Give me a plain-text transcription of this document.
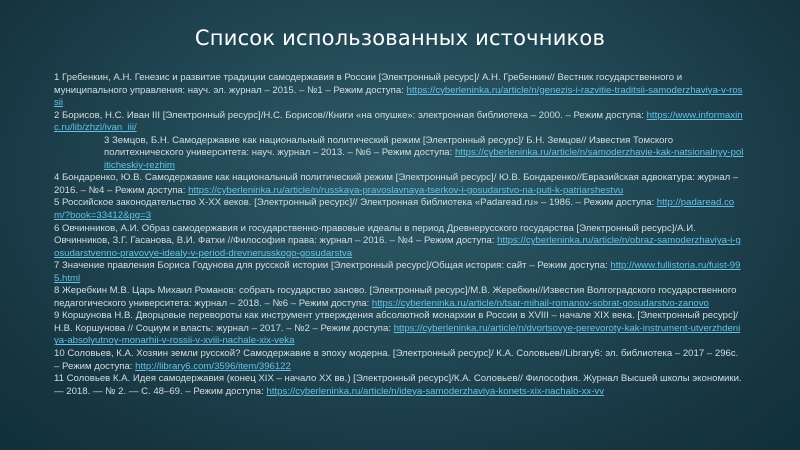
Список использованных источников

1 Гребенкин, А.Н. Генезис и развитие традиции самодержавия в России [Электронный ресурс]/ А.Н. Гребенкин// Вестник государственного и муниципального управления: науч. эл. журнал – 2015. – №1 – Режим доступа: https://cyberleninka.ru/article/n/genezis-i-razvitie-traditsii-samoderzhaviya-v-rossii

2 Борисов, Н.С. Иван III [Электронный ресурс]/Н.С. Борисов//Книги «на опушке»: электронная библиотека – 2000. – Режим доступа: https://www.informaxinc.ru/lib/zhzl/ivan_iii/

3 Земцов, Б.Н. Самодержавие как национальный политический режим [Электронный ресурс]/ Б.Н. Земцов// Известия Томского политехнического университета: науч. журнал – 2013. – №6 – Режим доступа: https://cyberleninka.ru/article/n/samoderzhavie-kak-natsionalnyy-politicheskiy-rezhim

4 Бондаренко, Ю.В. Самодержавие как национальный политический режим [Электронный ресурс]/ Ю.В. Бондаренко//Евразийская адвокатура: журнал – 2016. – №4 – Режим доступа: https://cyberleninka.ru/article/n/russkaya-pravoslavnaya-tserkov-i-gosudarstvo-na-puti-k-patriarshestvu

5 Российское законодательство X-XX веков. [Электронный ресурс]// Электронная библиотека «Padaread.ru» – 1986. – Режим доступа: http://padaread.com/?book=33412&pg=3

6 Овчинников, А.И. Образ самодержавия и государственно-правовые идеалы в период Древнерусского государства [Электронный ресурс]/А.И. Овчинников, З.Г. Гасанова, В.И. Фатхи //Философия права: журнал – 2016. – №4 – Режим доступа: https://cyberleninka.ru/article/n/obraz-samoderzhaviya-i-gosudarstvenno-pravovye-idealy-v-period-drevnerusskogo-gosudarstva

7 Значение правления Бориса Годунова для русской истории [Электронный ресурс]/Общая история: сайт – Режим доступа: http://www.fullistoria.ru/fuist-995.html

8 Жеребкин М.В. Царь Михаил Романов: собрать государство заново. [Электронный ресурс]/М.В. Жеребкин//Известия Волгоградского государственного педагогического университета: журнал – 2018. – №6 – Режим доступа: https://cyberleninka.ru/article/n/tsar-mihail-romanov-sobrat-gosudarstvo-zanovo

9 Коршунова Н.В. Дворцовые перевороты как инструмент утверждения абсолютной монархии в России в XVIII – начале XIX века. [Электронный ресурс]/ Н.В. Коршунова // Социум и власть: журнал – 2017. – №2 – Режим доступа: https://cyberleninka.ru/article/n/dvortsovye-perevoroty-kak-instrument-utverzhdeniya-absolyutnoy-monarhii-v-rossii-v-xviii-nachale-xix-veka

10 Соловьев, К.А. Хозяин земли русской? Самодержавие в эпоху модерна. [Электронный ресурс]/ К.А. Соловьев//Library6: эл. библиотека – 2017 – 296с. – Режим доступа: http://library6.com/3596/item/396122

11 Соловьев К.А. Идея самодержавия (конец XIX – начало XX вв.) [Электронный ресурс]/К.А. Соловьев// Философия. Журнал Высшей школы экономики. — 2018. — № 2. — С. 48–69. – Режим доступа: https://cyberleninka.ru/article/n/ideya-samoderzhaviya-konets-xix-nachalo-xx-vv
